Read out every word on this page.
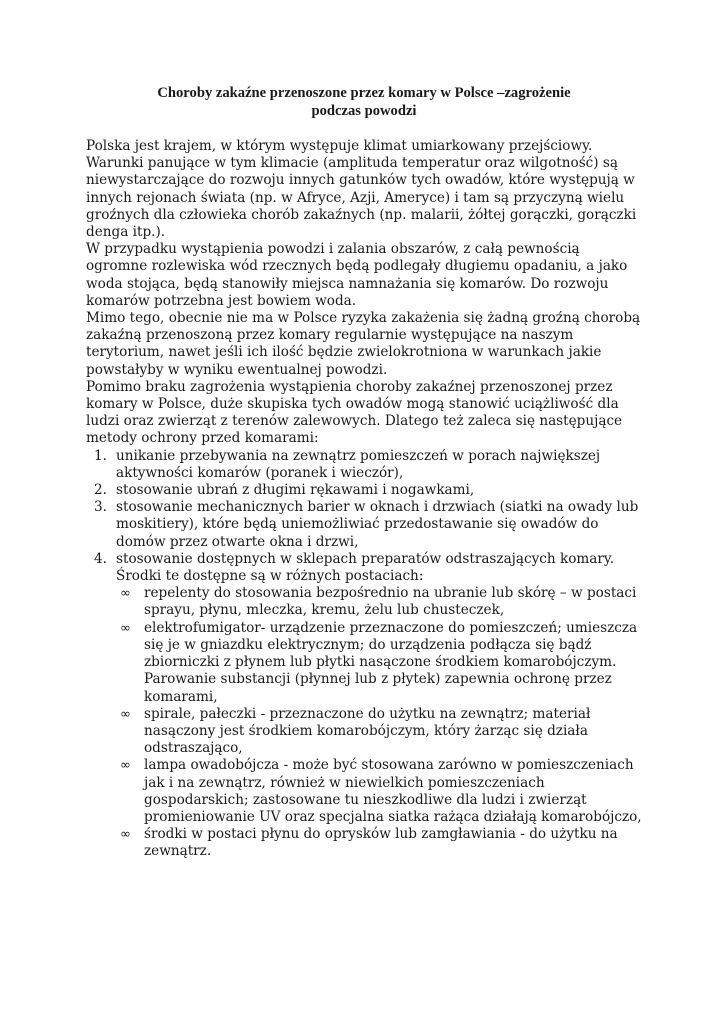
Choroby zakaźne przenoszone przez komary w Polsce –zagrożenie
podczas powodzi

Polska jest krajem, w którym występuje klimat umiarkowany przejściowy. Warunki panujące w tym klimacie (amplituda temperatur oraz wilgotność) są niewystarczające do rozwoju innych gatunków tych owadów, które występują w innych rejonach świata (np. w Afryce, Azji, Ameryce) i tam są przyczyną wielu groźnych dla człowieka chorób zakaźnych (np. malarii, żółtej gorączki, gorączki denga itp.).

W przypadku wystąpienia powodzi i zalania obszarów, z całą pewnością ogromne rozlewiska wód rzecznych będą podlegały długiemu opadaniu, a jako woda stojąca, będą stanowiły miejsca namnażania się komarów. Do rozwoju komarów potrzebna jest bowiem woda.

Mimo tego, obecnie nie ma w Polsce ryzyka zakażenia się żadną groźną chorobą zakaźną przenoszoną przez komary regularnie występujące na naszym terytorium, nawet jeśli ich ilość będzie zwielokrotniona w warunkach jakie powstałyby w wyniku ewentualnej powodzi.

Pomimo braku zagrożenia wystąpienia choroby zakaźnej przenoszonej przez komary w Polsce, duże skupiska tych owadów mogą stanowić uciążliwość dla ludzi oraz zwierząt z terenów zalewowych. Dlatego też zaleca się następujące metody ochrony przed komarami:

1. unikanie przebywania na zewnątrz pomieszczeń w porach największej aktywności komarów (poranek i wieczór),
2. stosowanie ubrań z długimi rękawami i nogawkami,
3. stosowanie mechanicznych barier w oknach i drzwiach (siatki na owady lub moskitiery), które będą uniemożliwiać przedostawanie się owadów do domów przez otwarte okna i drzwi,
4. stosowanie dostępnych w sklepach preparatów odstraszających komary. Środki te dostępne są w różnych postaciach:
∞ repelenty do stosowania bezpośrednio na ubranie lub skórę – w postaci sprayu, płynu, mleczka, kremu, żelu lub chusteczek,
∞ elektrofumigator- urządzenie przeznaczone do pomieszczeń; umieszcza się je w gniazdku elektrycznym; do urządzenia podłącza się bądź zbiorniczki z płynem lub płytki nasączone środkiem komarobójczym. Parowanie substancji (płynnej lub z płytek) zapewnia ochronę przez komarami,
∞ spirale, pałeczki - przeznaczone do użytku na zewnątrz; materiał nasączony jest środkiem komarobójczym, który żarząc się działa odstraszająco,
∞ lampa owadobójcza - może być stosowana zarówno w pomieszczeniach jak i na zewnątrz, również w niewielkich pomieszczeniach gospodarskich; zastosowane tu nieszkodliwe dla ludzi i zwierząt promieniowanie UV oraz specjalna siatka rażąca działają komarobójczo,
∞ środki w postaci płynu do oprysków lub zamgławiania - do użytku na zewnątrz.
